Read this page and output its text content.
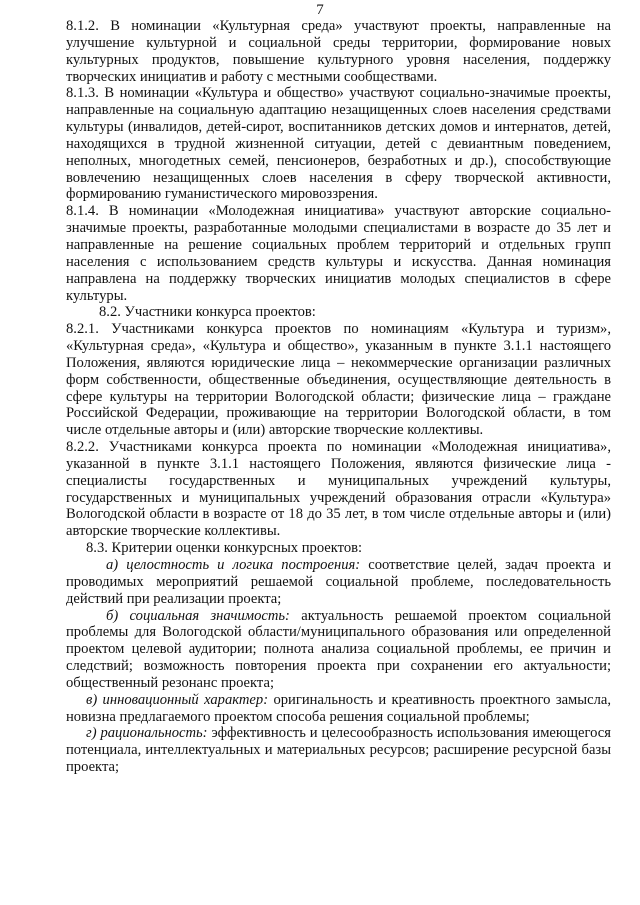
7

8.1.2. В номинации «Культурная среда» участвуют проекты, направленные на улучшение культурной и социальной среды территории, формирование новых культурных продуктов, повышение культурного уровня населения, поддержку творческих инициатив и работу с местными сообществами.

8.1.3. В номинации «Культура и общество» участвуют социально-значимые проекты, направленные на социальную адаптацию незащищенных слоев населения средствами культуры (инвалидов, детей-сирот, воспитанников детских домов и интернатов, детей, находящихся в трудной жизненной ситуации, детей с девиантным поведением, неполных, многодетных семей, пенсионеров, безработных и др.), способствующие вовлечению незащищенных слоев населения в сферу творческой активности, формированию гуманистического мировоззрения.

8.1.4. В номинации «Молодежная инициатива» участвуют авторские социально-значимые проекты, разработанные молодыми специалистами в возрасте до 35 лет и направленные на решение социальных проблем территорий и отдельных групп населения с использованием средств культуры и искусства. Данная номинация направлена на поддержку творческих инициатив молодых специалистов в сфере культуры.

8.2. Участники конкурса проектов:

8.2.1. Участниками конкурса проектов по номинациям «Культура и туризм», «Культурная среда», «Культура и общество», указанным в пункте 3.1.1 настоящего Положения, являются юридические лица – некоммерческие организации различных форм собственности, общественные объединения, осуществляющие деятельность в сфере культуры на территории Вологодской области; физические лица – граждане Российской Федерации, проживающие на территории Вологодской области, в том числе отдельные авторы и (или) авторские творческие коллективы.

8.2.2. Участниками конкурса проекта по номинации «Молодежная инициатива», указанной в пункте 3.1.1 настоящего Положения, являются физические лица - специалисты государственных и муниципальных учреждений культуры, государственных и муниципальных учреждений образования отрасли «Культура» Вологодской области в возрасте от 18 до 35 лет, в том числе отдельные авторы и (или) авторские творческие коллективы.

8.3. Критерии оценки конкурсных проектов:

а) целостность и логика построения: соответствие целей, задач проекта и проводимых мероприятий решаемой социальной проблеме, последовательность действий при реализации проекта;

б) социальная значимость: актуальность решаемой проектом социальной проблемы для Вологодской области/муниципального образования или определенной проектом целевой аудитории; полнота анализа социальной проблемы, ее причин и следствий; возможность повторения проекта при сохранении его актуальности; общественный резонанс проекта;

в) инновационный характер: оригинальность и креативность проектного замысла, новизна предлагаемого проектом способа решения социальной проблемы;

г) рациональность: эффективность и целесообразность использования имеющегося потенциала, интеллектуальных и материальных ресурсов; расширение ресурсной базы проекта;
